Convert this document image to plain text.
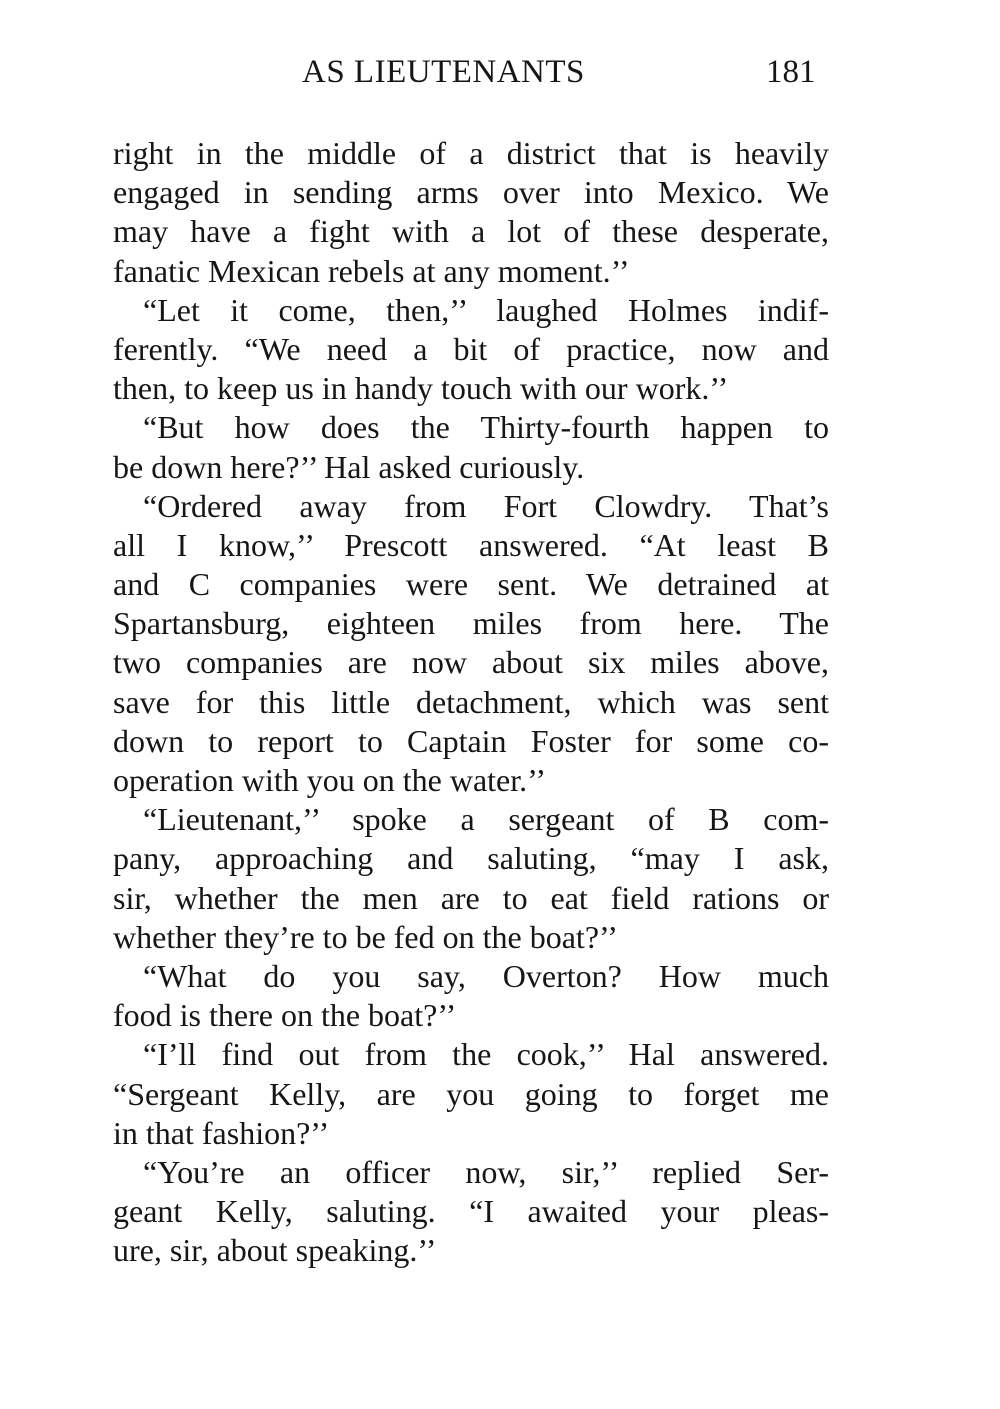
AS LIEUTENANTS	181
right in the middle of a district that is heavily
engaged in sending arms over into Mexico. We
may have a fight with a lot of these desperate,
fanatic Mexican rebels at any moment.’’
“Let it come, then,’’ laughed Holmes indif-
ferently. “We need a bit of practice, now and
then, to keep us in handy touch with our work.’’
“But how does the Thirty-fourth happen to
be down here?’’ Hal asked curiously.
“Ordered away from Fort Clowdry. That’s
all I know,’’ Prescott answered. “At least B
and C companies were sent. We detrained at
Spartansburg, eighteen miles from here. The
two companies are now about six miles above,
save for this little detachment, which was sent
down to report to Captain Foster for some co-
operation with you on the water.’’
“Lieutenant,’’ spoke a sergeant of B com-
pany, approaching and saluting, “may I ask,
sir, whether the men are to eat field rations or
whether they’re to be fed on the boat?’’
“What do you say, Overton? How much
food is there on the boat?’’
“I’ll find out from the cook,’’ Hal answered.
“Sergeant Kelly, are you going to forget me
in that fashion?’’
“You’re an officer now, sir,’’ replied Ser-
geant Kelly, saluting. “I awaited your pleas-
ure, sir, about speaking.’’
